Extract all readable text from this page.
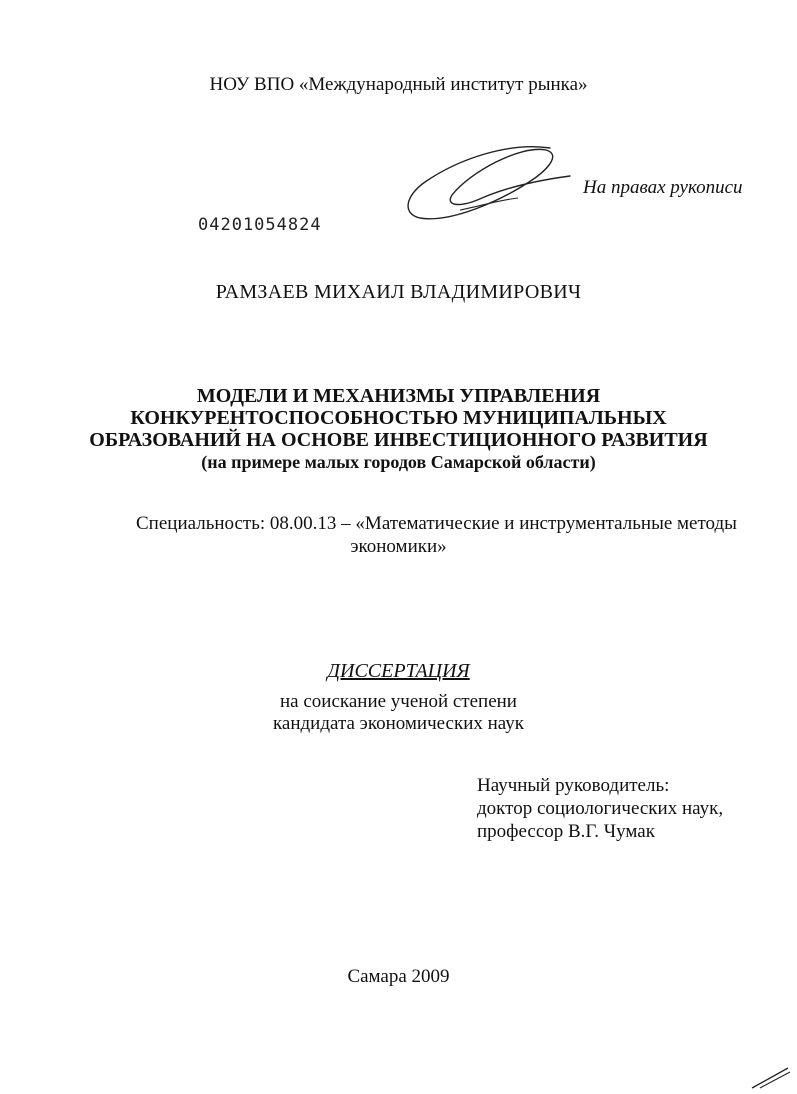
НОУ ВПО «Международный институт рынка»
На правах рукописи
04201054824
РАМЗАЕВ МИХАИЛ ВЛАДИМИРОВИЧ
МОДЕЛИ И МЕХАНИЗМЫ УПРАВЛЕНИЯ
КОНКУРЕНТОСПОСОБНОСТЬЮ МУНИЦИПАЛЬНЫХ
ОБРАЗОВАНИЙ НА ОСНОВЕ ИНВЕСТИЦИОННОГО РАЗВИТИЯ
(на примере малых городов Самарской области)
Специальность: 08.00.13 – «Математические и инструментальные методы
экономики»
ДИССЕРТАЦИЯ
на соискание ученой степени
кандидата экономических наук
Научный руководитель:
доктор социологических наук,
профессор В.Г. Чумак
Самара 2009
